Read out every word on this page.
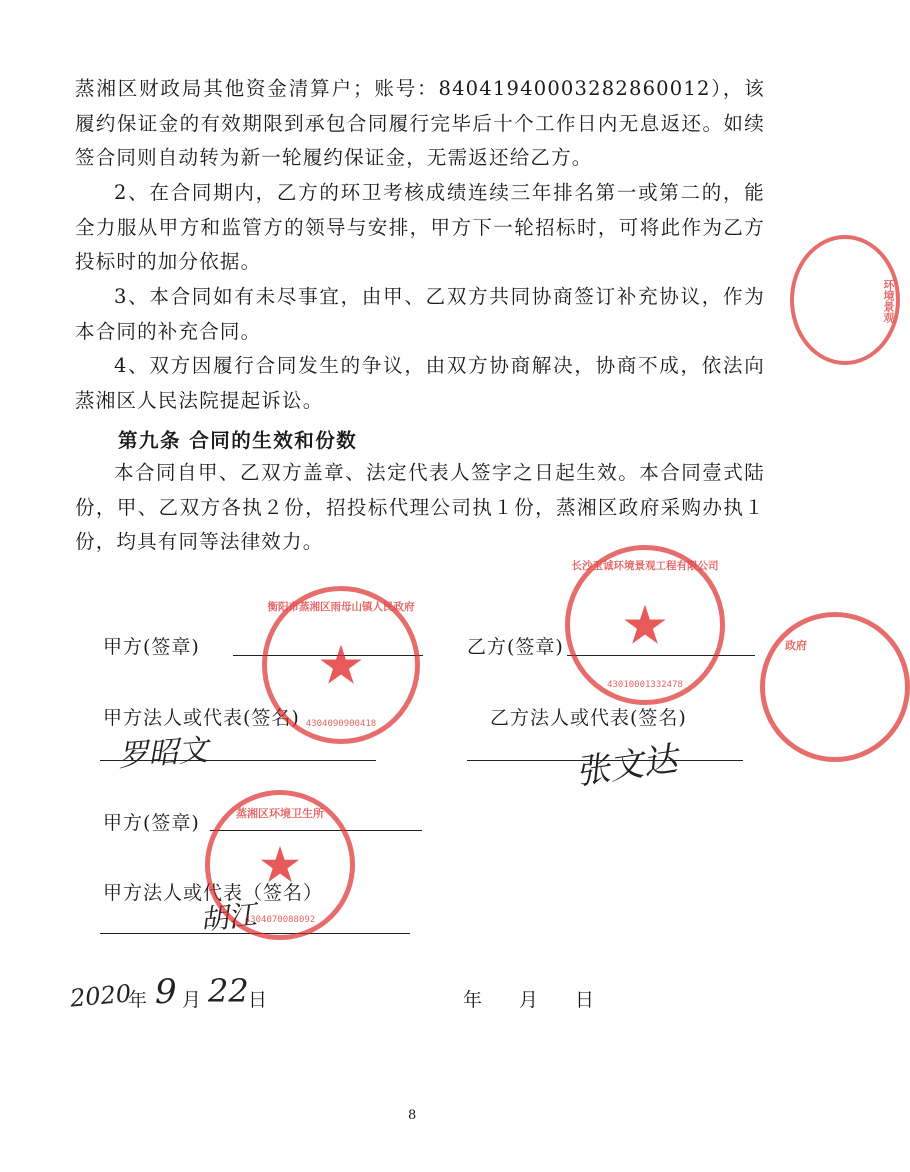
蒸湘区财政局其他资金清算户；账号：84041940003282860012），该履约保证金的有效期限到承包合同履行完毕后十个工作日内无息返还。如续签合同则自动转为新一轮履约保证金，无需返还给乙方。

2、在合同期内，乙方的环卫考核成绩连续三年排名第一或第二的，能全力服从甲方和监管方的领导与安排，甲方下一轮招标时，可将此作为乙方投标时的加分依据。

3、本合同如有未尽事宜，由甲、乙双方共同协商签订补充协议，作为本合同的补充合同。

4、双方因履行合同发生的争议，由双方协商解决，协商不成，依法向蒸湘区人民法院提起诉讼。

第九条 合同的生效和份数

本合同自甲、乙双方盖章、法定代表人签字之日起生效。本合同壹式陆份，甲、乙双方各执２份，招投标代理公司执１份，蒸湘区政府采购办执１份，均具有同等法律效力。

甲方(签章)	乙方(签章)
甲方法人或代表(签名)	乙方法人或代表(签名)
罗昭文	张文达
甲方(签章)
甲方法人或代表（签名）
胡江
2020
年 9 月 22 日	年 月 日
衡阳市蒸湘区雨母山镇人民政府
★
4304090900418
长沙玉诚环境景观工程有限公司
★
43010001332478
蒸湘区环境卫生所
★
4304070088092
政府
环境景观
8
